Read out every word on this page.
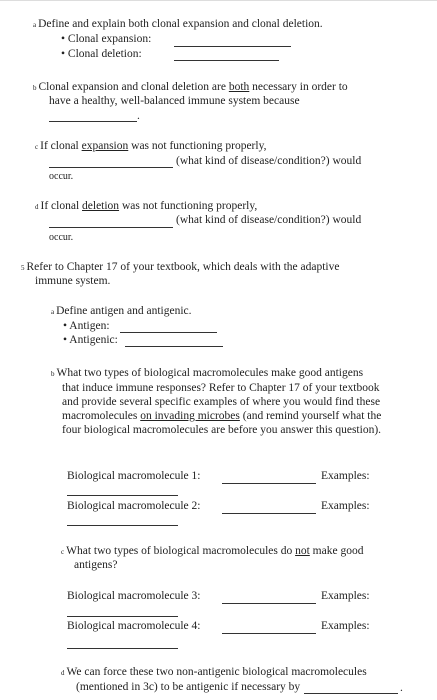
a Define and explain both clonal expansion and clonal deletion.
• Clonal expansion:
• Clonal deletion:
b Clonal expansion and clonal deletion are both necessary in order to
have a healthy, well-balanced immune system because
.
c If clonal expansion was not functioning properly,
(what kind of disease/condition?) would
occur.
d If clonal deletion was not functioning properly,
(what kind of disease/condition?) would
occur.
5 Refer to Chapter 17 of your textbook, which deals with the adaptive
immune system.
a Define antigen and antigenic.
• Antigen:
• Antigenic:
b What two types of biological macromolecules make good antigens
that induce immune responses? Refer to Chapter 17 of your textbook
and provide several specific examples of where you would find these
macromolecules on invading microbes (and remind yourself what the
four biological macromolecules are before you answer this question).
Biological macromolecule 1:	Examples:
Biological macromolecule 2:	Examples:
c What two types of biological macromolecules do not make good
antigens?
Biological macromolecule 3:	Examples:
Biological macromolecule 4:	Examples:
d We can force these two non-antigenic biological macromolecules
(mentioned in 3c) to be antigenic if necessary by	.
